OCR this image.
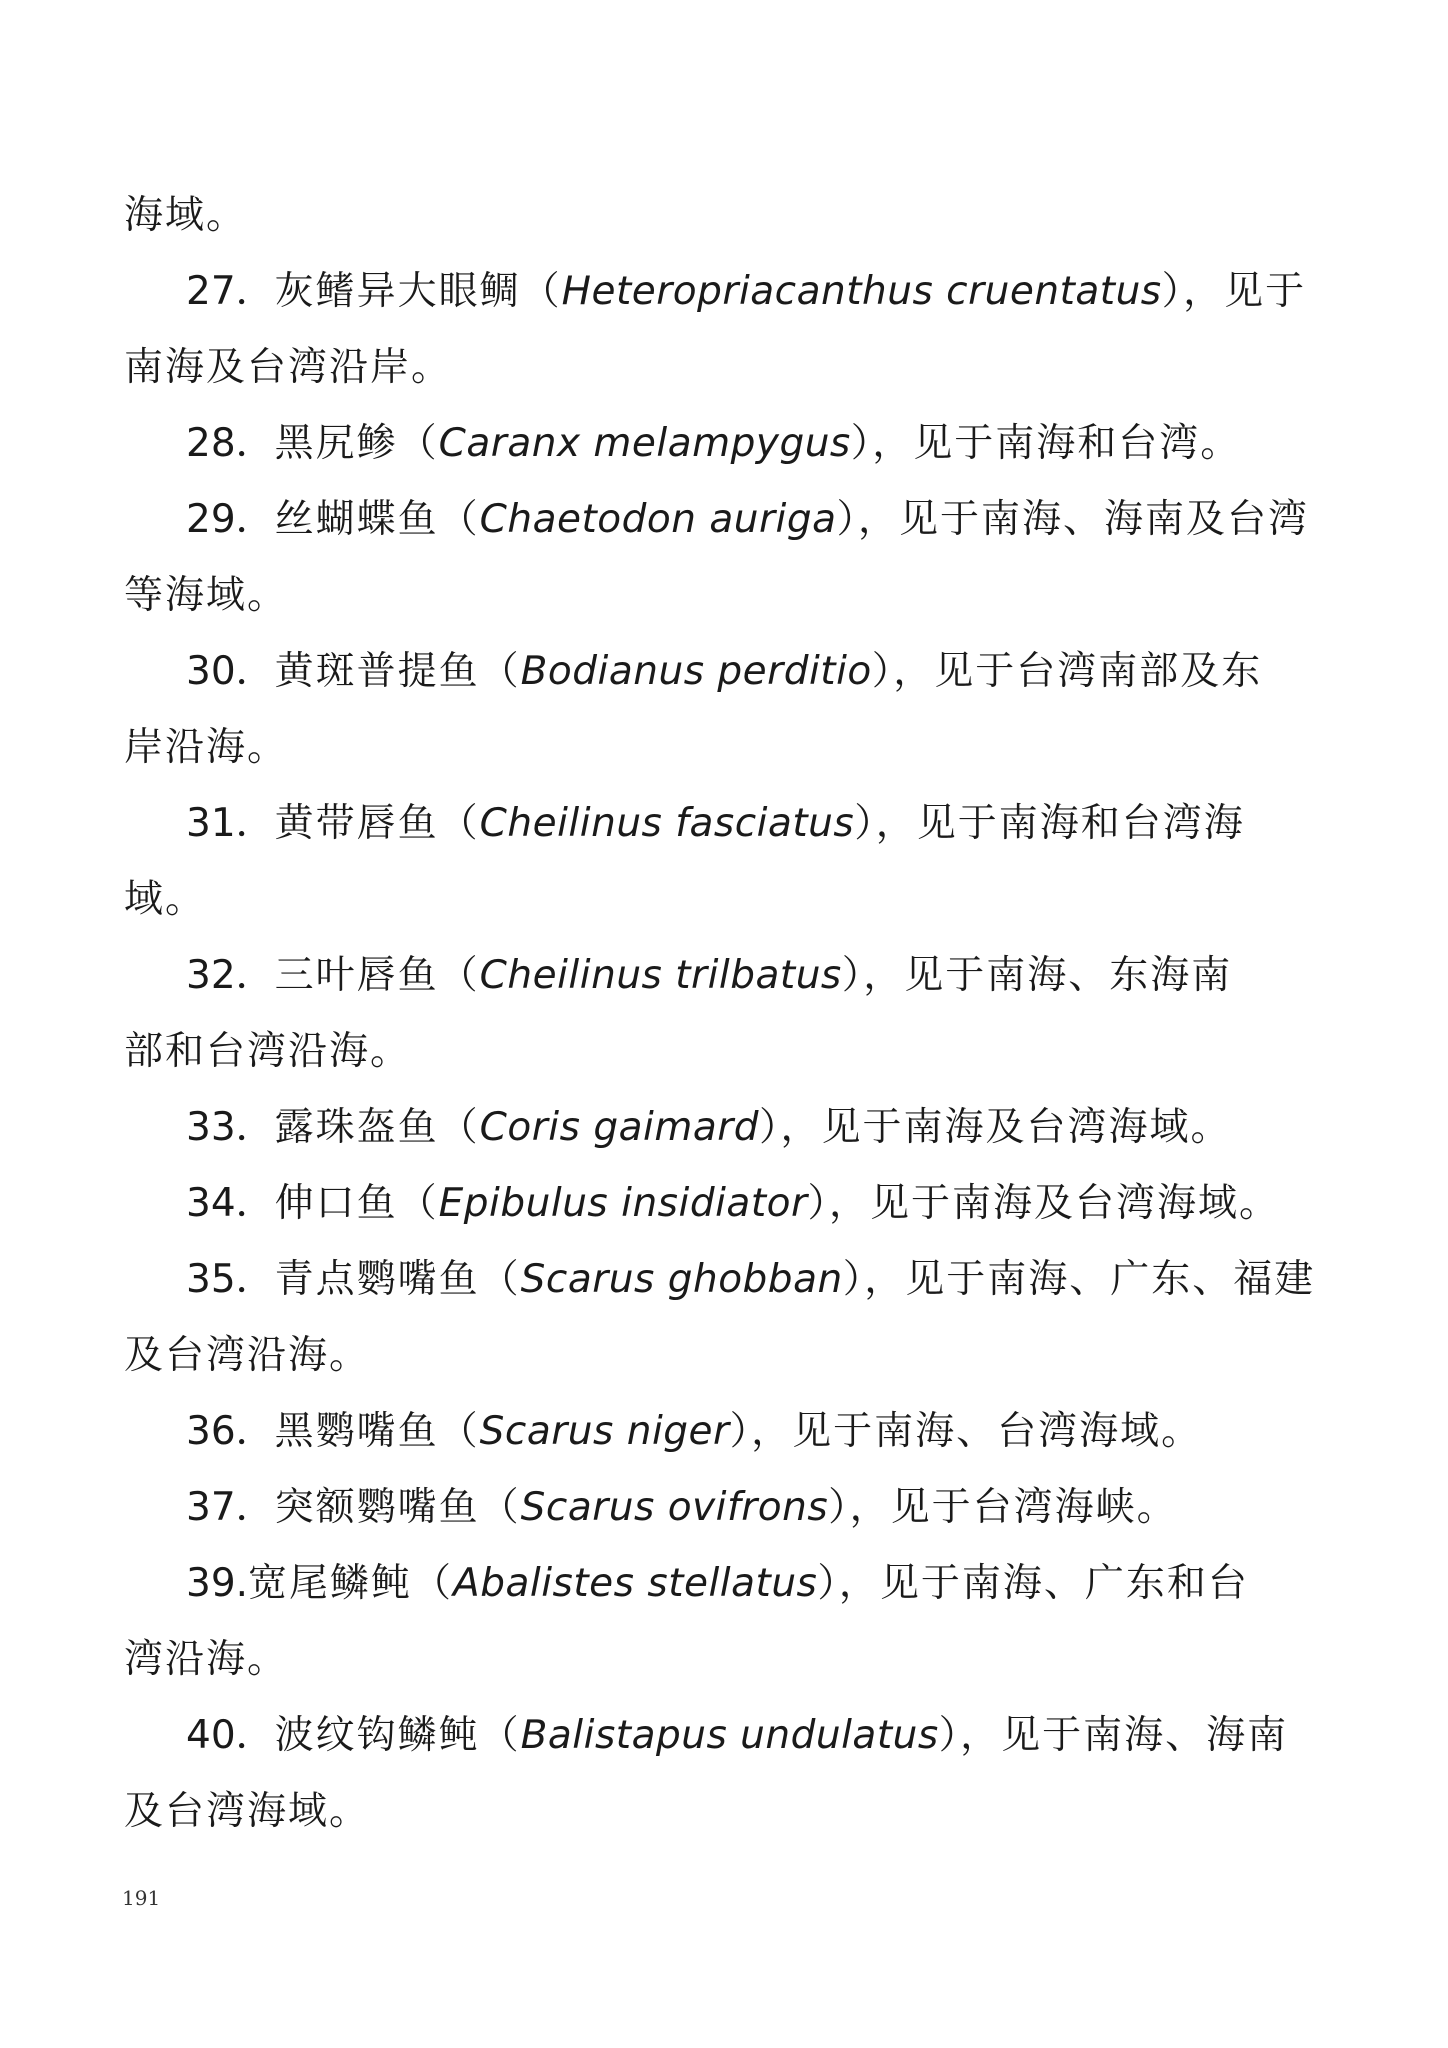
海域。
27．灰鳍异大眼鲷（Heteropriacanthus cruentatus），见于
南海及台湾沿岸。
28．黑尻鲹（Caranx melampygus），见于南海和台湾。
29．丝蝴蝶鱼（Chaetodon auriga），见于南海、海南及台湾
等海域。
30．黄斑普提鱼（Bodianus perditio），见于台湾南部及东
岸沿海。
31．黄带唇鱼（Cheilinus fasciatus），见于南海和台湾海
域。
32．三叶唇鱼（Cheilinus trilbatus），见于南海、东海南
部和台湾沿海。
33．露珠盔鱼（Coris gaimard），见于南海及台湾海域。
34．伸口鱼（Epibulus insidiator），见于南海及台湾海域。
35．青点鹦嘴鱼（Scarus ghobban），见于南海、广东、福建
及台湾沿海。
36．黑鹦嘴鱼（Scarus niger），见于南海、台湾海域。
37．突额鹦嘴鱼（Scarus ovifrons），见于台湾海峡。
39.宽尾鳞鲀（Abalistes stellatus），见于南海、广东和台
湾沿海。
40．波纹钩鳞鲀（Balistapus undulatus），见于南海、海南
及台湾海域。
191
